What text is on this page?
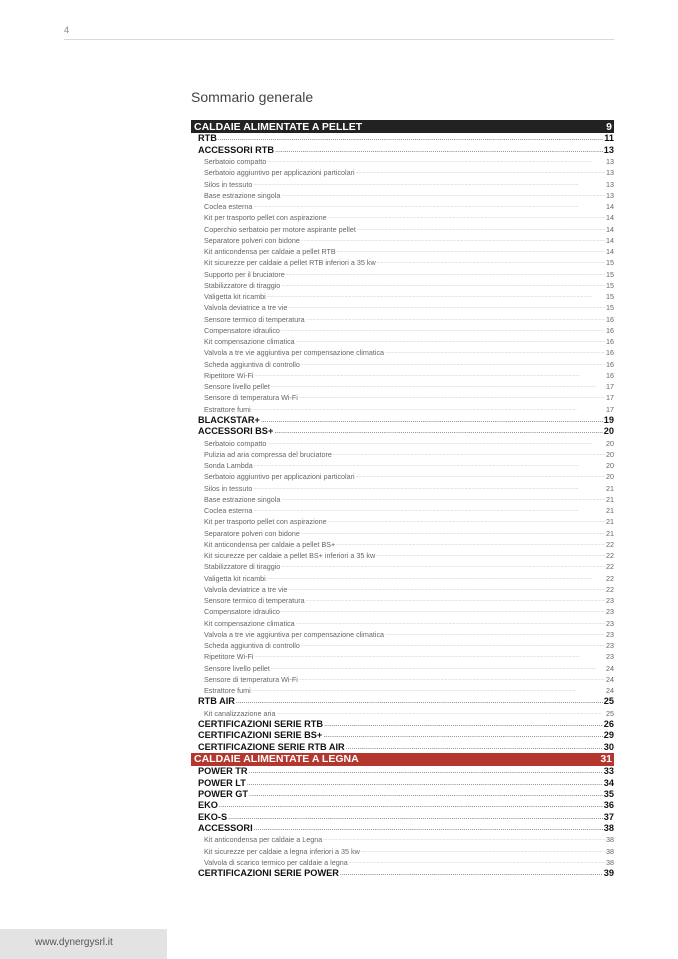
4
Sommario generale
CALDAIE ALIMENTATE A PELLET	9
RTB .....	11
ACCESSORI RTB .....	13
Serbatoio compatto .....	13
Serbatoio aggiuntivo per applicazioni particolari .....	13
Silos in tessuto .....	13
Base estrazione singola .....	13
Coclea esterna .....	14
Kit per trasporto pellet con aspirazione .....	14
Coperchio serbatoio per motore aspirante pellet .....	14
Separatore polveri con bidone .....	14
Kit anticondensa per caldaie a pellet RTB .....	14
Kit sicurezze per caldaie a pellet RTB inferiori a 35 kw .....	15
Supporto per il bruciatore .....	15
Stabilizzatore di tiraggio .....	15
Valigetta kit ricambi .....	15
Valvola deviatrice a tre vie .....	15
Sensore termico di temperatura .....	16
Compensatore idraulico .....	16
Kit compensazione climatica .....	16
Valvola a tre vie aggiuntiva per compensazione climatica .....	16
Scheda aggiuntiva di controllo .....	16
Ripetitore Wi-Fi .....	16
Sensore livello pellet .....	17
Sensore di temperatura Wi-Fi .....	17
Estrattore fumi .....	17
BLACKSTAR+ .....	19
ACCESSORI BS+ .....	20
Serbatoio compatto .....	20
Pulizia ad aria compressa del bruciatore .....	20
Sonda Lambda .....	20
Serbatoio aggiuntivo per applicazioni particolari .....	20
Silos in tessuto .....	21
Base estrazione singola .....	21
Coclea esterna .....	21
Kit per trasporto pellet con aspirazione .....	21
Separatore polveri con bidone .....	21
Kit anticondensa per caldaie a pellet BS+ .....	22
Kit sicurezze per caldaie a pellet BS+ inferiori a 35 kw .....	22
Stabilizzatore di tiraggio .....	22
Valigetta kit ricambi .....	22
Valvola deviatrice a tre vie .....	22
Sensore termico di temperatura .....	23
Compensatore idraulico .....	23
Kit compensazione climatica .....	23
Valvola a tre vie aggiuntiva per compensazione climatica .....	23
Scheda aggiuntiva di controllo .....	23
Ripetitore Wi-Fi .....	23
Sensore livello pellet .....	24
Sensore di temperatura Wi-Fi .....	24
Estrattore fumi .....	24
RTB AIR .....	25
Kit canalizzazione aria .....	25
CERTIFICAZIONI SERIE RTB .....	26
CERTIFICAZIONI SERIE BS+ .....	29
CERTIFICAZIONE SERIE RTB AIR .....	30
CALDAIE ALIMENTATE A LEGNA	31
POWER TR .....	33
POWER LT .....	34
POWER GT .....	35
EKO .....	36
EKO-S .....	37
ACCESSORI .....	38
Kit anticondensa per caldaie a Legna .....	38
Kit sicurezze per caldaie a legna inferiori a 35 kw .....	38
Valvola di scarico termico per caldaie a legna .....	38
CERTIFICAZIONI SERIE POWER .....	39
www.dynergysrl.it
